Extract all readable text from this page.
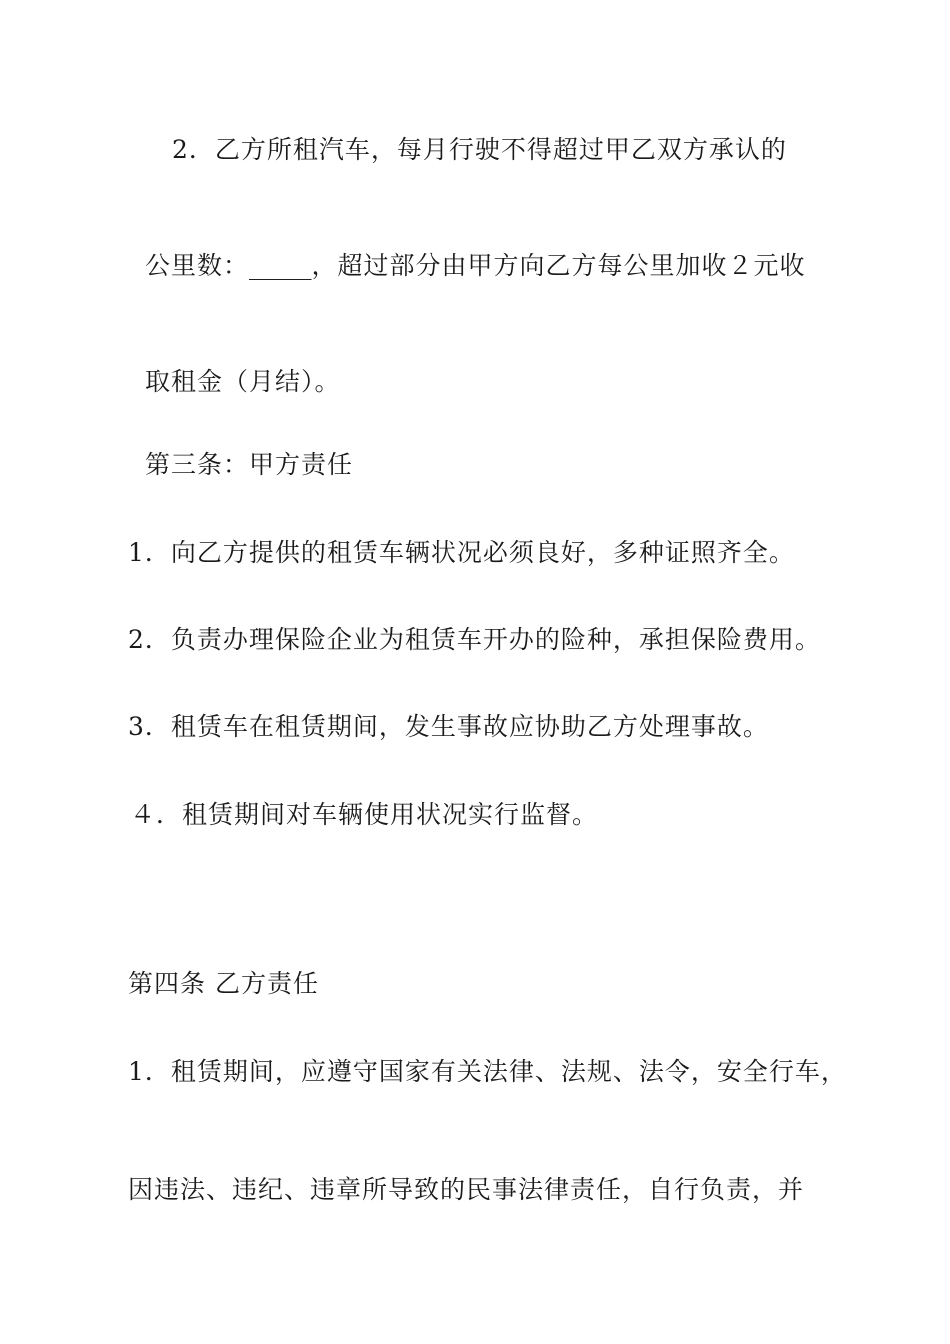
2．乙方所租汽车，每月行驶不得超过甲乙双方承认的
公里数：_____，超过部分由甲方向乙方每公里加收２元收
取租金（月结）。
第三条：甲方责任
1．向乙方提供的租赁车辆状况必须良好，多种证照齐全。
2．负责办理保险企业为租赁车开办的险种，承担保险费用。
3．租赁车在租赁期间，发生事故应协助乙方处理事故。
４．租赁期间对车辆使用状况实行监督。
第四条 乙方责任
1．租赁期间，应遵守国家有关法律、法规、法令，安全行车，
因违法、违纪、违章所导致的民事法律责任，自行负责，并
